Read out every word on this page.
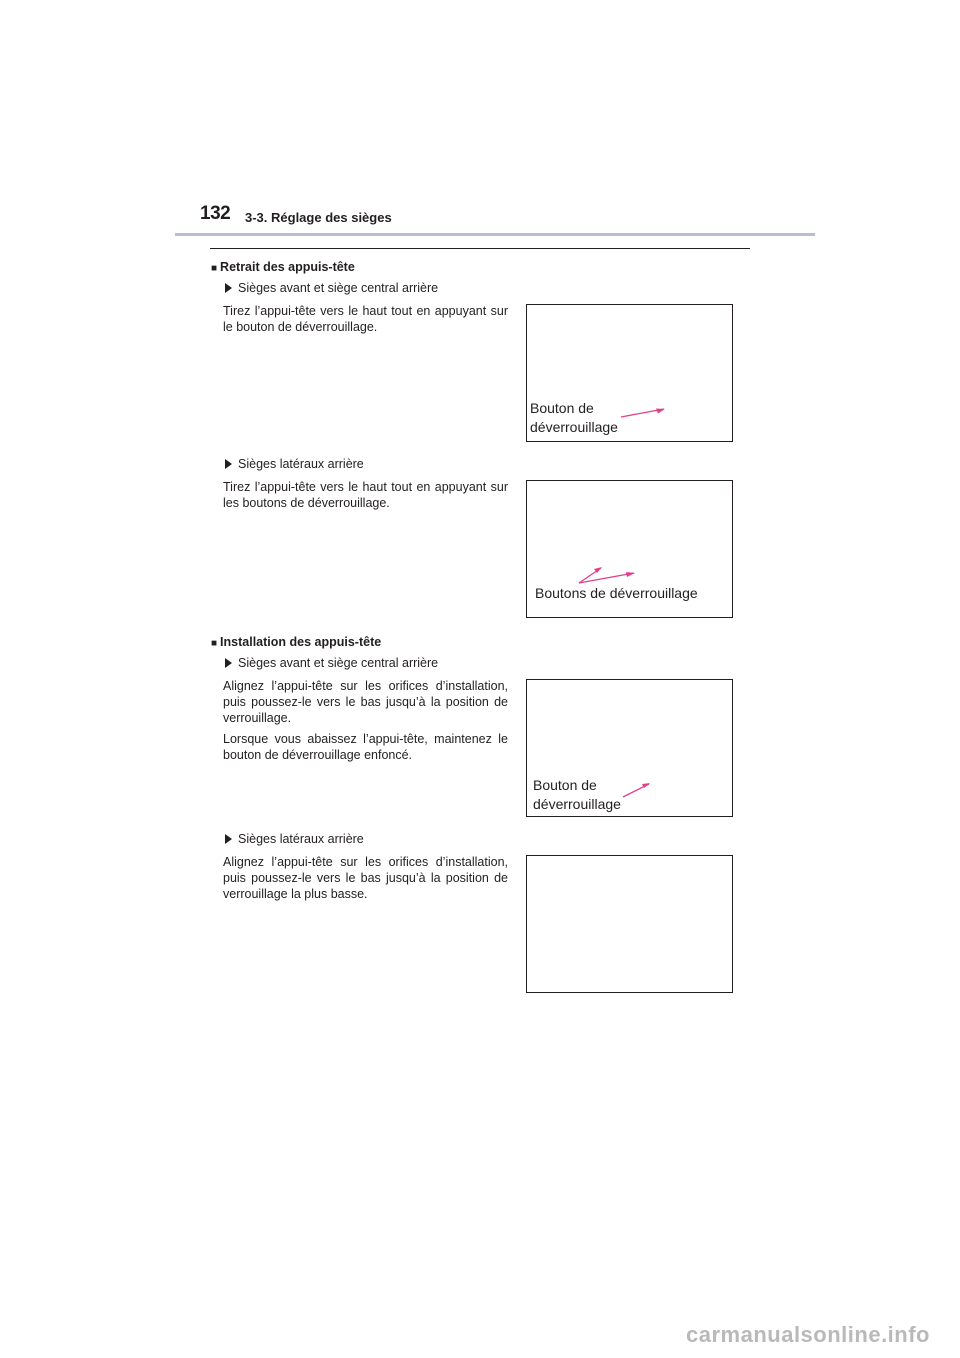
132 3-3. Réglage des sièges
■ Retrait des appuis-tête
Sièges avant et siège central arrière
Tirez l’appui-tête vers le haut tout en appuyant sur le bouton de déverrouillage.
Bouton de déverrouillage
Sièges latéraux arrière
Tirez l’appui-tête vers le haut tout en appuyant sur les boutons de déverrouillage.
Boutons de déverrouillage
■ Installation des appuis-tête
Sièges avant et siège central arrière
Alignez l’appui-tête sur les orifices d’installation, puis poussez-le vers le bas jusqu’à la position de verrouillage.
Lorsque vous abaissez l’appui-tête, maintenez le bouton de déverrouillage enfoncé.
Bouton de déverrouillage
Sièges latéraux arrière
Alignez l’appui-tête sur les orifices d’installation, puis poussez-le vers le bas jusqu’à la position de verrouillage la plus basse.
carmanualsonline.info
